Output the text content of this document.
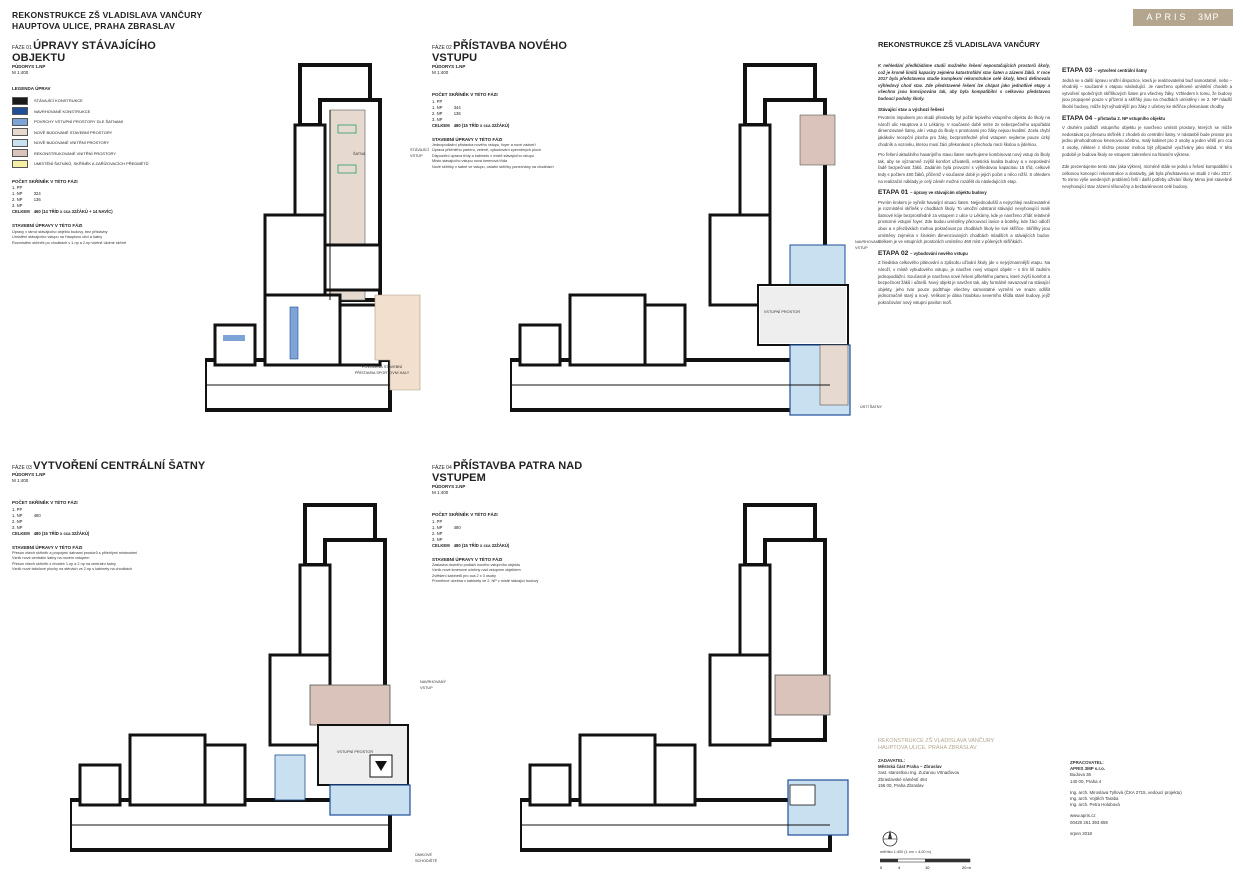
REKONSTRUKCE ZŠ VLADISLAVA VANČURY
HAUPTOVA ULICE, PRAHA ZBRASLAV
APRIS 3MP
FÁZE 01 ÚPRAVY STÁVAJÍCÍHO OBJEKTU
PŮDORYS 1.NP
M 1:400
LEGENDA ÚPRAV
STÁVAJÍCÍ KONSTRUKCE
NAVRHOVANÉ KONSTRUKCE
POVRCHY VSTUPNÍ PROSTORY DLE ŠATNAMI
NOVĚ BUDOVANÉ STAVEBNÍ PROSTORY
NOVĚ BUDOVANÉ VNITŘNÍ PROSTORY
REKONSTRUKOVANÉ VNITŘNÍ PROSTORY
UMÍSTĚNÍ ŠATNÍKŮ, SKŘÍNĚK A ZAŘÍZOVACÍCH PŘEDMĚTŮ
POČET SKŘÍNĚK V TÉTO FÁZI
1. PP	
1. NP	324
2. NP	136
3. NP	
CELKEM	460 (14 TŘÍD x cca 32ŽÁKŮ + 14 NAVÍC)
STAVEBNÍ ÚPRAVY V TÉTO FÁZI
Úpravy v rámci stávajícího objektu budovy, bez přístavby
Umístění stávajícího vstupu na Hauptovu ulici a šatny
Rozmístění skříněk po chodbách v 1.np a 2.np včetně úložné skříně
POVOLENÁ STAVEBNÍ PŘÍSTAVBA SPORTOVNÍ HALY
STÁVAJÍCÍ VSTUP
ŠATNA
FÁZE 02 PŘÍSTAVBA NOVÉHO VSTUPU
PŮDORYS 1.NP
M 1:400
POČET SKŘÍNĚK V TÉTO FÁZI
1. PP	
1. NP	344
2. NP	136
3. NP	
CELKEM	480 (15 TŘÍD x cca 32ŽÁKŮ)
STAVEBNÍ ÚPRAVY V TÉTO FÁZI
Jednopodlažní přístavba nového vstupu, foyer a nové zádveří
Úprava přilehlého parteru, zeleně, vybudování zpevněných ploch
Dispoziční úprava třídy a kabinetu v místě stávajícího vstupu
Místo stávajícího vstupu nová kmenová třída
Nové skříňky v šatně ve vstupu, ostatní skříňky ponechány na chodbách
VSTUPNÍ PROSTOR
NAVRHOVANÝ VSTUP
ÚSTÍ ŠATNY
FÁZE 03 VYTVOŘENÍ CENTRÁLNÍ ŠATNY
PŮDORYS 1.NP
M 1:400
POČET SKŘÍNĚK V TÉTO FÁZI
1. PP	
1. NP	480
2. NP	
3. NP	
CELKEM	480 (15 TŘÍD x cca 32ŽÁKŮ)
STAVEBNÍ ÚPRAVY V TÉTO FÁZI
Přesun všech skříněk a propojení šatnami prostorů s přilehlými místnostmi
Vznik nové centrální šatny na novém vstupem
Přesun všech skříněk z chodeb 1.np a 2.np na centrální šatny
Vznik nové tabulové plochy na stěnách ve 2.np s kabinety na chodbách
VSTUPNÍ PROSTOR
NAVRHOVANÝ VSTUP
ÚNIKOVÉ SCHODIŠTĚ
FÁZE 04 PŘÍSTAVBA PATRA NAD VSTUPEM
PŮDORYS 2.NP
M 1:400
POČET SKŘÍNĚK V TÉTO FÁZI
1. PP	
1. NP	480
2. NP	
3. NP	
CELKEM	480 (15 TŘÍD x cca 32ŽÁKŮ)
STAVEBNÍ ÚPRAVY V TÉTO FÁZI
Zastavba druhého podlaží nového vstupního objektu
Vznik nové kmenové učebny nad vstupním objektem
Zvětšení kabinetů pro cca 2 x 3 osoby
Proměnné učebna v kabinety ve 2. NP v místě stávající budovy
REKONSTRUKCE ZŠ VLADISLAVA VANČURY
K nehledání předkládáme studii možného řešení nepostačujících prostorů školy, což je kromě limitů kapacity zejména katastrofální stav šaten a zázemí žáků. V roce 2017 byla představena studie komplexní rekonstrukce celé školy, která definovala výhledový chod stav. Zde představené řešení lze chápat jako jednotlivé etapy a všechna jsou koncipována tak, aby byla kompatibilní s celkovou představou budoucí podoby školy.
Stávající stav a výchozí řešení
Prvotním impulsem pro studii přestavby byl požár lepivého vstupního objektu do školy na nároží ulic Hauptova a U Lékárny. V současné době nelze 2x nebezpečného uspořádat dimenzované šatny, ale i vstup do školy s prostorami pro žáky nejsou kvalitní. Zcela chybí jakákoliv recepční plocha pro žáky, bezprostředně před vstupem nejdeme pouze úzký chodník a vozovku, kterou musí žáci překonávat v přechodu mezi školou a jídelnou.
Pro řešení aktuálního havarijního stavu šaten navrhujeme kombinovat nový vstup do školy tak, aby se významně zvýšil komfort uživatelů, estetická kvalita budovy a v neposlední řadě bezpečnost žáků. Zadáním byla provozní s výhledovou kapacitou 15 tříd, celkově tedy s počtem 480 žáků, přičemž v současné době je jejich počet o něco nižší. S ohledem na realizační náklady je celý záměr možné rozdělit do následujících etap.
ETAPA 01 – úpravy ve stávajícím objektu budovy
Prvním krokem je vyřešit havarijní situaci šaten. Nejjednodušší a nejrychleji realizovatelné je rozmístění skříněk v chodbách školy. To umožní odstranit stávající nevyhovující malé šatnové kóje bezprostředně za vstupem z ulice U Lékárny, kde je navrženo zřídit relativně prostorné vstupní foyer. Zde budou umístěny přezouvací lavice a botníky, kde žáci odloží obuv a v přezůvkách mohou pokračovat po chodbách školy ke své skříňce. Skříňky jsou umístěny zejména v širokém dimenzovaných chodbách mladších a stávajících budov. Celkem je ve vstupních prostorách umístěno 460 míst v půlených skříňkách.
ETAPA 02 – vybudování nového vstupu
Z hlediska celkového plánování a způsobu užívání školy jde o nejvýznamnější etapu. Na nároží, v místě vybudového vstupu, je navržen nový vstupní objekt – s tím lilí zadním jednopodlažní. Současně je navržena nové řešení přilehlého parteru, které zvýší komfort a bezpečnost žáků i učitelů. Nový objekt je navržen tak, aby formálně navazoval na stávající objekty, jeho tvar pouze podtrhuje všechny samostatné vyznění ve snaze odlišit jednoznačně starý a nový. Velikost je dána hloubkou severního křídla staré budovy, jejíž pokračování nový vstupní pavilon tvoří.
ETAPA 03 – vytvoření centrální šatny
Jedná se o další úpravu vnitřní dispozice, která je realizovatelná buď samostatně, nebo – vhodněji – současně s etapou následující. Je navrženo opětovné umístění chodeb a vytvoření společných skříňkových šaten pro všechny žáky. Vzhledem k tomu, že budovy jsou propojené pouze v přízemí a skříňky jsou na chodbách umístěny i ve 2. NP mladší školní budovy, může být výhodnější pro žáky z učebny ke skříňce překonávat chodby.
ETAPA 04 – přístavba 2. NP vstupního objektu
V druhém podlaží vstupního objektu je navrženo umístit prostory, kterých se může nedostávat po přesunu skříněk z chodeb do centrální šatny. V nástavbě bude prostor pro jednu plnohodnotnou kmenovou učebnu, malý kabinet pro 2 osoby a jeden větší pro cca 4 osoby, některé z těchto prostor mohou být případně využívány jako sklad. V této podobě je budova školy se vstupem zakresleni na hlavním výkrese.
Zde prezentujeme tento stav (aka výkres), nicméně stále se jedná o řešení kompatibilní s celkovou koncepcí rekonstrukce a dostavby, jak byla představena ve studii z roku 2017. To mimo výše uvedených problémů řeší i další potřeby užívání školy. Mimo jiné stavebně nevyhovující stav zázemí tělocvičny a bezbariérovost celé budovy.
REKONSTRUKCE ZŠ VLADISLAVA VANČURY
HAUPTOVA ULICE, PRAHA ZBRASLAV
ZADAVATEL:
Městská část Praha – Zbraslav
zast. starostkou Ing. Zuzanou Vrtnaďovou
Zbraslavské náměstí 464
156 00, Praha Zbraslav
ZPRACOVATEL:
APRIS 3MP s.r.o.
Budova 36
140 00, Praha 4
Ing. arch. Miroslava Tyllová (ČKA 2715, vedoucí projektu)
Ing. arch. Vojtěch Taraba
Ing. arch. Petra Holubová
www.apris.cz
00420 261 393 859
srpen 2018
měřítko 1:400 (1 cm = 4,00 m)
0	4	10	20 m
